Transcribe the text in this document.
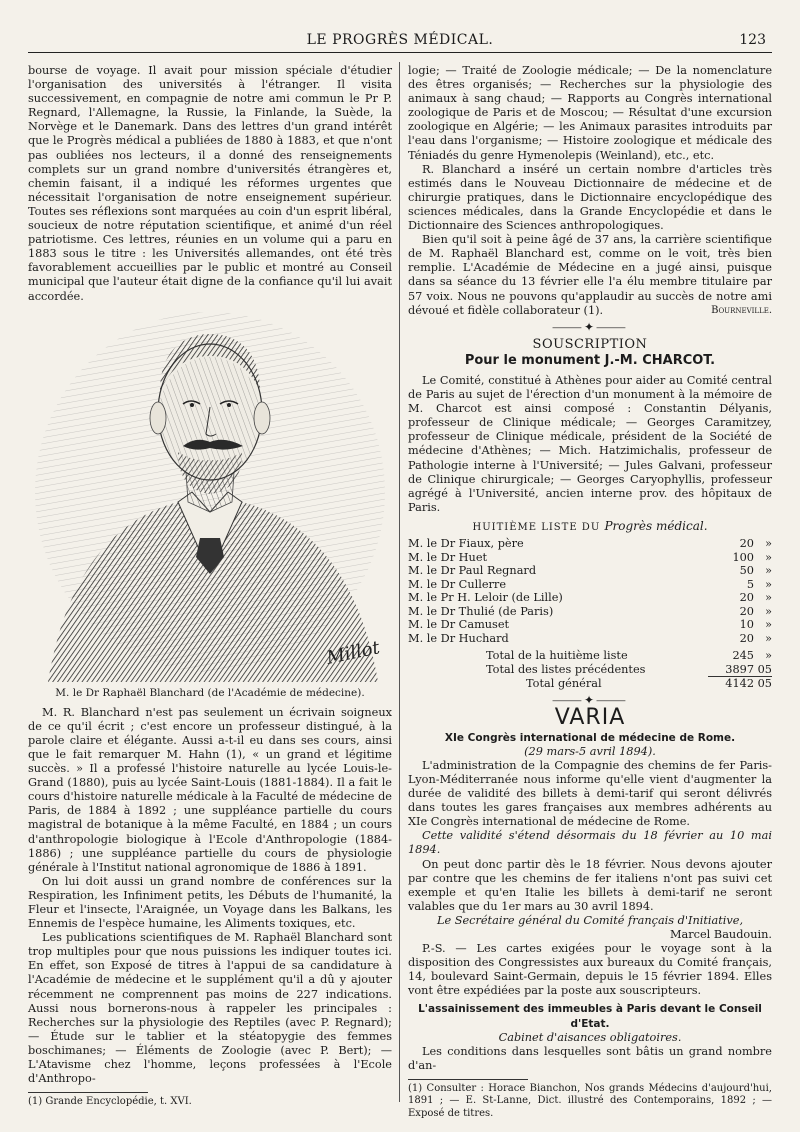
LE PROGRÈS MÉDICAL.	123

bourse de voyage. Il avait pour mission spéciale d'étudier l'organisation des universités à l'étranger. Il visita successivement, en compagnie de notre ami commun le Pr P. Regnard, l'Allemagne, la Russie, la Finlande, la Suède, la Norvège et le Danemark. Dans des lettres d'un grand intérêt que le Progrès médical a publiées de 1880 à 1883, et que n'ont pas oubliées nos lecteurs, il a donné des renseignements complets sur un grand nombre d'universités étrangères et, chemin faisant, il a indiqué les réformes urgentes que nécessitait l'organisation de notre enseignement supérieur. Toutes ses réflexions sont marquées au coin d'un esprit libéral, soucieux de notre réputation scientifique, et animé d'un réel patriotisme. Ces lettres, réunies en un volume qui a paru en 1883 sous le titre : les Universités allemandes, ont été très favorablement accueillies par le public et montré au Conseil municipal que l'auteur était digne de la confiance qu'il lui avait accordée.

Millot
M. le Dr Raphaël Blanchard (de l'Académie de médecine).

M. R. Blanchard n'est pas seulement un écrivain soigneux de ce qu'il écrit ; c'est encore un professeur distingué, à la parole claire et élégante. Aussi a-t-il eu dans ses cours, ainsi que le fait remarquer M. Hahn (1), « un grand et légitime succès. » Il a professé l'histoire naturelle au lycée Louis-le-Grand (1880), puis au lycée Saint-Louis (1881-1884). Il a fait le cours d'histoire naturelle médicale à la Faculté de médecine de Paris, de 1884 à 1892 ; une suppléance partielle du cours magistral de botanique à la même Faculté, en 1884 ; un cours d'anthropologie biologique à l'Ecole d'Anthropologie (1884-1886) ; une suppléance partielle du cours de physiologie générale à l'Institut national agronomique de 1886 à 1891.

On lui doit aussi un grand nombre de conférences sur la Respiration, les Infiniment petits, les Débuts de l'humanité, la Fleur et l'insecte, l'Araignée, un Voyage dans les Balkans, les Ennemis de l'espèce humaine, les Aliments toxiques, etc.

Les publications scientifiques de M. Raphaël Blanchard sont trop multiples pour que nous puissions les indiquer toutes ici. En effet, son Exposé de titres à l'appui de sa candidature à l'Académie de médecine et le supplément qu'il a dû y ajouter récemment ne comprennent pas moins de 227 indications. Aussi nous bornerons-nous à rappeler les principales : Recherches sur la physiologie des Reptiles (avec P. Regnard); — Étude sur le tablier et la stéatopygie des femmes boschimanes; — Éléments de Zoologie (avec P. Bert); — L'Atavisme chez l'homme, leçons professées à l'Ecole d'Anthropo-

(1) Grande Encyclopédie, t. XVI.

logie; — Traité de Zoologie médicale; — De la nomenclature des êtres organisés; — Recherches sur la physiologie des animaux à sang chaud; — Rapports au Congrès international zoologique de Paris et de Moscou; — Résultat d'une excursion zoologique en Algérie; — les Animaux parasites introduits par l'eau dans l'organisme; — Histoire zoologique et médicale des Téniadés du genre Hymenolepis (Weinland), etc., etc.

R. Blanchard a inséré un certain nombre d'articles très estimés dans le Nouveau Dictionnaire de médecine et de chirurgie pratiques, dans le Dictionnaire encyclopédique des sciences médicales, dans la Grande Encyclopédie et dans le Dictionnaire des Sciences anthropologiques.

Bien qu'il soit à peine âgé de 37 ans, la carrière scientifique de M. Raphaël Blanchard est, comme on le voit, très bien remplie. L'Académie de Médecine en a jugé ainsi, puisque dans sa séance du 13 février elle l'a élu membre titulaire par 57 voix. Nous ne pouvons qu'applaudir au succès de notre ami dévoué et fidèle collaborateur (1).	Bourneville.

⸻✦⸻
SOUSCRIPTION
Pour le monument J.-M. CHARCOT.

Le Comité, constitué à Athènes pour aider au Comité central de Paris au sujet de l'érection d'un monument à la mémoire de M. Charcot est ainsi composé : Constantin Délyanis, professeur de Clinique médicale; — Georges Caramitzey, professeur de Clinique médicale, président de la Société de médecine d'Athènes; — Mich. Hatzimichalis, professeur de Pathologie interne à l'Université; — Jules Galvani, professeur de Clinique chirurgicale; — Georges Caryophyllis, professeur agrégé à l'Université, ancien interne prov. des hôpitaux de Paris.

HUITIÈME LISTE DU Progrès médical.
M. le Dr Fiaux, père	20	»
M. le Dr Huet	100	»
M. le Dr Paul Regnard	50	»
M. le Dr Cullerre	5	»
M. le Pr H. Leloir (de Lille)	20	»
M. le Dr Thulié (de Paris)	20	»
M. le Dr Camuset	10	»
M. le Dr Huchard	20	»
Total de la huitième liste	245	»
Total des listes précédentes	3897 05	
Total général	4142 05	
⸻✦⸻
VARIA
XIe Congrès international de médecine de Rome.
(29 mars-5 avril 1894).

L'administration de la Compagnie des chemins de fer Paris-Lyon-Méditerranée nous informe qu'elle vient d'augmenter la durée de validité des billets à demi-tarif qui seront délivrés dans toutes les gares françaises aux membres adhérents au XIe Congrès international de médecine de Rome.

Cette validité s'étend désormais du 18 février au 10 mai 1894.

On peut donc partir dès le 18 février. Nous devons ajouter par contre que les chemins de fer italiens n'ont pas suivi cet exemple et qu'en Italie les billets à demi-tarif ne seront valables que du 1er mars au 30 avril 1894.

Le Secrétaire général du Comité français d'Initiative,
Marcel Baudouin.

P.-S. — Les cartes exigées pour le voyage sont à la disposition des Congressistes aux bureaux du Comité français, 14, boulevard Saint-Germain, depuis le 15 février 1894. Elles vont être expédiées par la poste aux souscripteurs.

L'assainissement des immeubles à Paris devant le Conseil d'Etat.
Cabinet d'aisances obligatoires.

Les conditions dans lesquelles sont bâtis un grand nombre d'an-

(1) Consulter : Horace Bianchon, Nos grands Médecins d'aujourd'hui, 1891 ; — E. St-Lanne, Dict. illustré des Contemporains, 1892 ; — Exposé de titres.
